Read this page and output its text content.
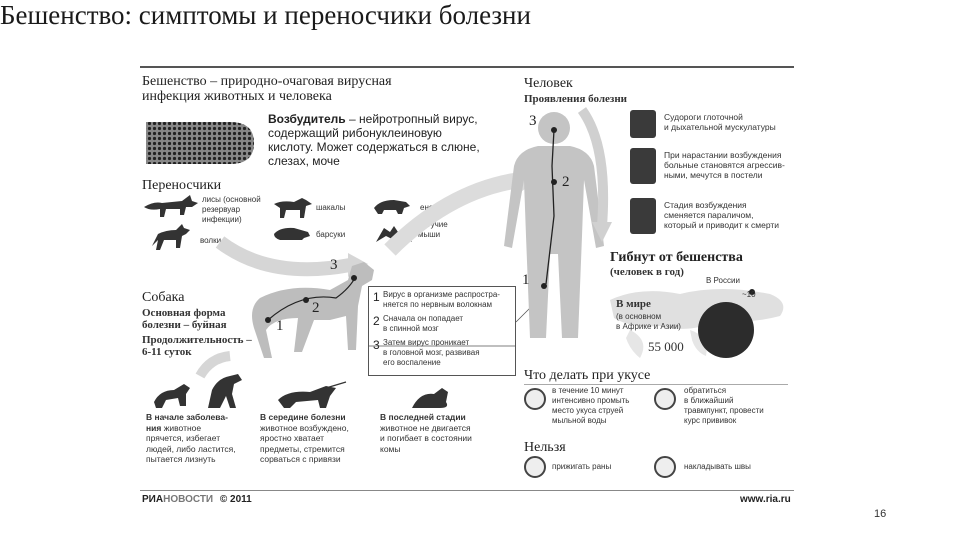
Бешенство: симптомы и переносчики болезни
Бешенство – природно-очаговая вирусная
инфекция животных и человека
Возбудитель – нейротропный вирус,
содержащий рибонуклеиновую
кислоту. Может содержаться в слюне,
слезах, моче
Переносчики
лисы (основной
резервуар
инфекции)
волки
шакалы
барсуки
еноты
летучие
мыши
Собака
Основная форма
болезни – буйная
Продолжительность –
6-11 суток
1
2
3
1 Вирус в организме распростра-
няется по нервным волокнам
2 Сначала он попадает
в спинной мозг
3 Затем вирус проникает
в головной мозг, развивая
его воспаление
В начале заболева-
ния животное
прячется, избегает
людей, либо ластится,
пытается лизнуть
В середине болезни
животное возбуждено,
яростно хватает
предметы, стремится
сорваться с привязи
В последней стадии
животное не двигается
и погибает в состоянии
комы
Человек
Проявления болезни
3
2
1
Судороги глоточной
и дыхательной мускулатуры
При нарастании возбуждения
больные становятся агрессив-
ными, мечутся в постели
Стадия возбуждения
сменяется параличом,
который и приводит к смерти
Гибнут от бешенства
(человек в год)
В России
~10
В мире
(в основном
в Африке и Азии)
55 000
Что делать при укусе
в течение 10 минут
интенсивно промыть
место укуса струей
мыльной воды
обратиться
в ближайший
травмпункт, провести
курс прививок
Нельзя
прижигать раны	накладывать швы
РИАНОВОСТИ © 2011	www.ria.ru
16
